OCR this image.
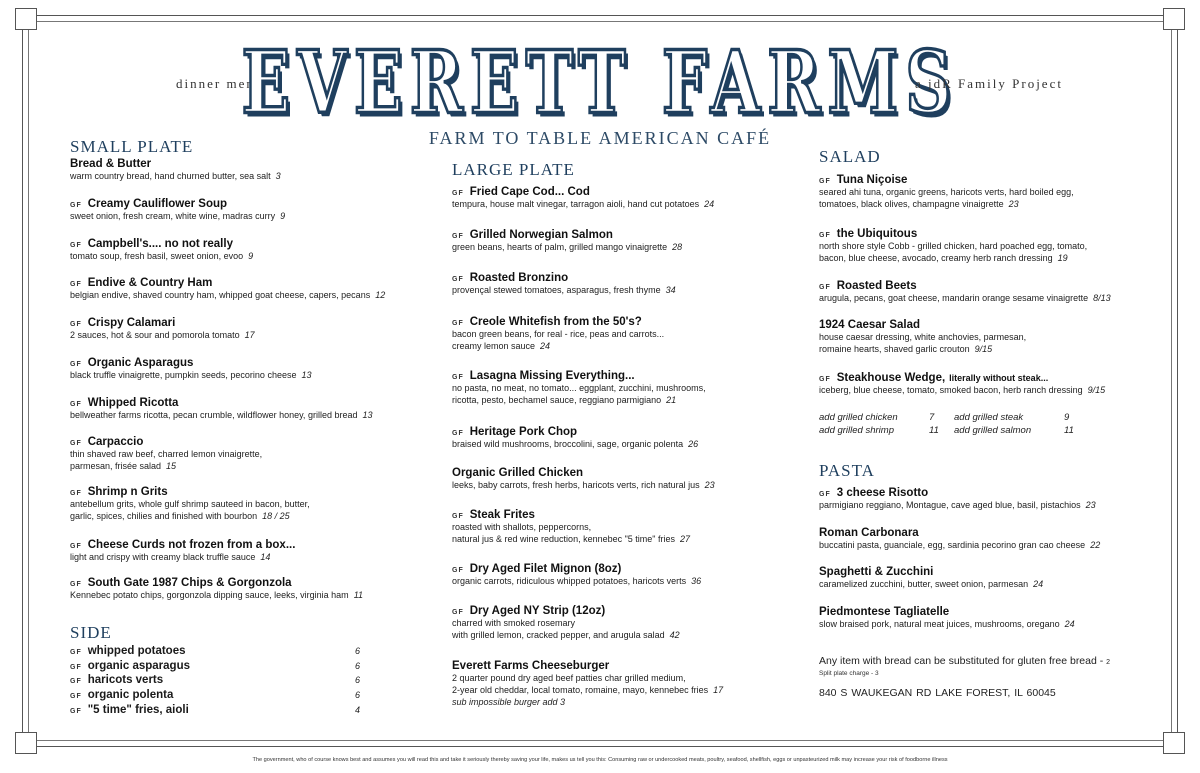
dinner menu
EVERETT FARMS
a jdR Family Project
FARM TO TABLE AMERICAN CAFÉ
SMALL PLATE
SIDE
LARGE PLATE
SALAD
PASTA
Bread & Butter
warm country bread, hand churned butter, sea salt 3
GF Creamy Cauliflower Soup
sweet onion, fresh cream, white wine, madras curry 9
GF Campbell's.... no not really
tomato soup, fresh basil, sweet onion, evoo 9
GF Endive & Country Ham
belgian endive, shaved country ham, whipped goat cheese, capers, pecans 12
GF Crispy Calamari
2 sauces, hot & sour and pomorola tomato 17
GF Organic Asparagus
black truffle vinaigrette, pumpkin seeds, pecorino cheese 13
GF Whipped Ricotta
bellweather farms ricotta, pecan crumble, wildflower honey, grilled bread 13
GF Carpaccio
thin shaved raw beef, charred lemon vinaigrette,
parmesan, frisée salad 15
GF Shrimp n Grits
antebellum grits, whole gulf shrimp sauteed in bacon, butter,
garlic, spices, chilies and finished with bourbon 18 / 25
GF Cheese Curds not frozen from a box...
light and crispy with creamy black truffle sauce 14
GF South Gate 1987 Chips & Gorgonzola
Kennebec potato chips, gorgonzola dipping sauce, leeks, virginia ham 11
GF Fried Cape Cod... Cod
tempura, house malt vinegar, tarragon aioli, hand cut potatoes 24
GF Grilled Norwegian Salmon
green beans, hearts of palm, grilled mango vinaigrette 28
GF Roasted Bronzino
provençal stewed tomatoes, asparagus, fresh thyme 34
GF Creole Whitefish from the 50's?
bacon green beans, for real - rice, peas and carrots...
creamy lemon sauce 24
GF Lasagna Missing Everything...
no pasta, no meat, no tomato... eggplant, zucchini, mushrooms,
ricotta, pesto, bechamel sauce, reggiano parmigiano 21
GF Heritage Pork Chop
braised wild mushrooms, broccolini, sage, organic polenta 26
Organic Grilled Chicken
leeks, baby carrots, fresh herbs, haricots verts, rich natural jus 23
GF Steak Frites
roasted with shallots, peppercorns,
natural jus & red wine reduction, kennebec "5 time" fries 27
GF Dry Aged Filet Mignon (8oz)
organic carrots, ridiculous whipped potatoes, haricots verts 36
GF Dry Aged NY Strip (12oz)
charred with smoked rosemary
with grilled lemon, cracked pepper, and arugula salad 42
Everett Farms Cheeseburger
2 quarter pound dry aged beef patties char grilled medium,
2-year old cheddar, local tomato, romaine, mayo, kennebec fries 17
sub impossible burger add 3
GF Tuna Niçoise
seared ahi tuna, organic greens, haricots verts, hard boiled egg,
tomatoes, black olives, champagne vinaigrette 23
GF the Ubiquitous
north shore style Cobb - grilled chicken, hard poached egg, tomato,
bacon, blue cheese, avocado, creamy herb ranch dressing 19
GF Roasted Beets
arugula, pecans, goat cheese, mandarin orange sesame vinaigrette 8/13
1924 Caesar Salad
house caesar dressing, white anchovies, parmesan,
romaine hearts, shaved garlic crouton 9/15
GF Steakhouse Wedge, literally without steak...
iceberg, blue cheese, tomato, smoked bacon, herb ranch dressing 9/15
GF 3 cheese Risotto
parmigiano reggiano, Montague, cave aged blue, basil, pistachios 23
Roman Carbonara
buccatini pasta, guanciale, egg, sardinia pecorino gran cao cheese 22
Spaghetti & Zucchini
caramelized zucchini, butter, sweet onion, parmesan 24
Piedmontese Tagliatelle
slow braised pork, natural meat juices, mushrooms, oregano 24
GF whipped potatoes	6
GF organic asparagus	6
GF haricots verts	6
GF organic polenta	6
GF "5 time" fries, aioli	4
add grilled chicken	7 add grilled steak	9
add grilled shrimp	11 add grilled salmon	11
Any item with bread can be substituted for gluten free bread - 2
Split plate charge - 3
840 S WAUKEGAN RD LAKE FOREST, IL 60045
The government, who of course knows best and assumes you will read this and take it seriously thereby saving your life, makes us tell you this: Consuming raw or undercooked meats, poultry, seafood, shellfish, eggs or unpasteurized milk may increase your risk of foodborne illness
